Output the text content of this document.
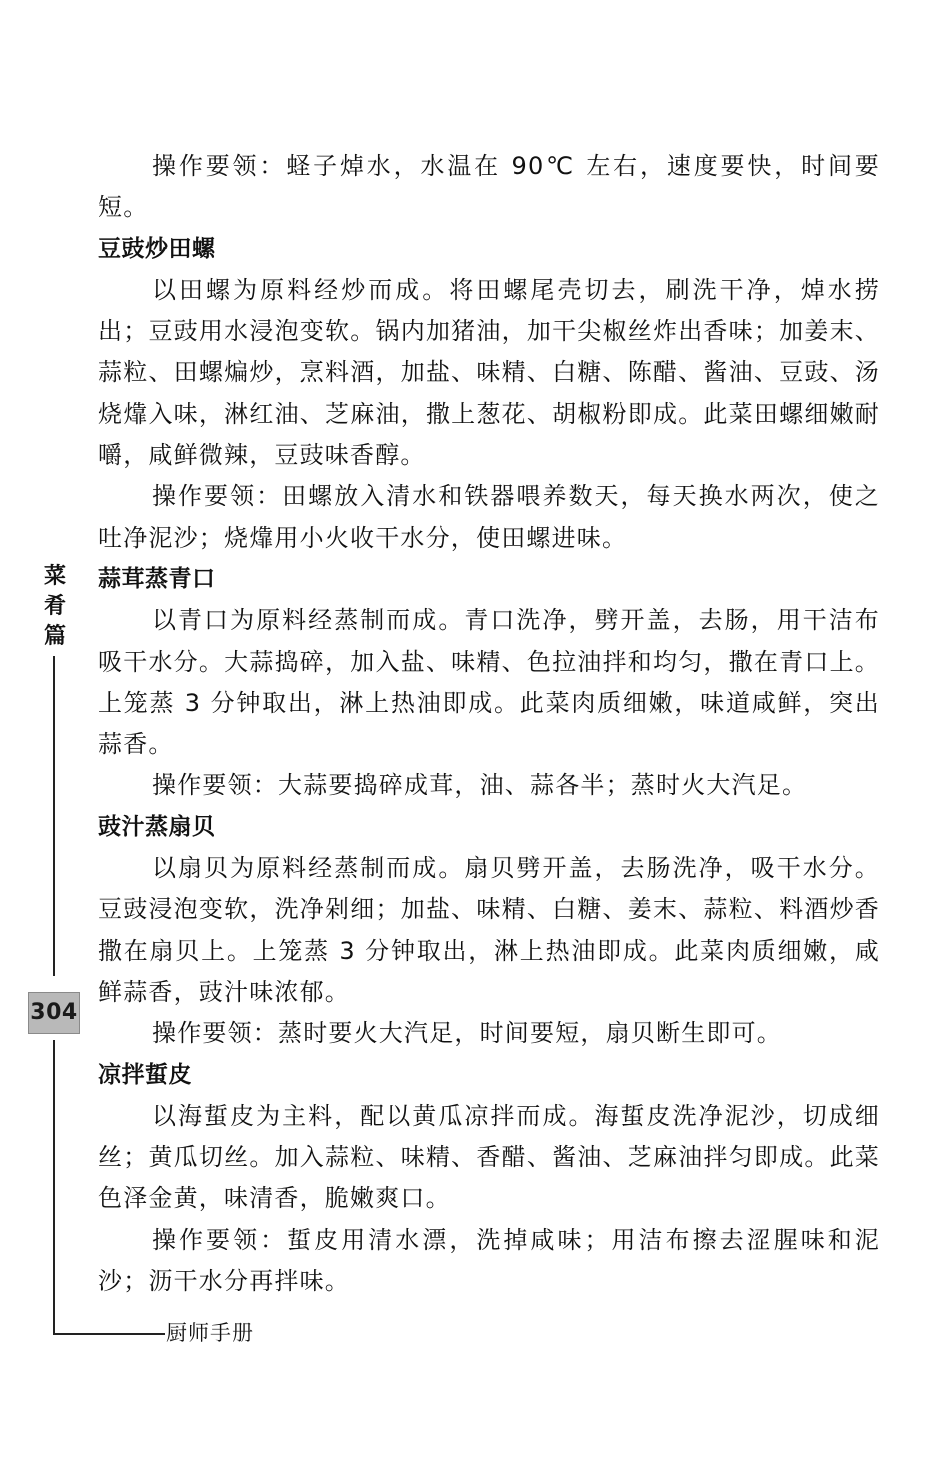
操作要领：蛏子焯水，水温在 90℃ 左右，速度要快，时间要短。

豆豉炒田螺

以田螺为原料经炒而成。将田螺尾壳切去，刷洗干净，焯水捞出；豆豉用水浸泡变软。锅内加猪油，加干尖椒丝炸出香味；加姜末、蒜粒、田螺煸炒，烹料酒，加盐、味精、白糖、陈醋、酱油、豆豉、汤烧㸆入味，淋红油、芝麻油，撒上葱花、胡椒粉即成。此菜田螺细嫩耐嚼，咸鲜微辣，豆豉味香醇。

操作要领：田螺放入清水和铁器喂养数天，每天换水两次，使之吐净泥沙；烧㸆用小火收干水分，使田螺进味。

蒜茸蒸青口

以青口为原料经蒸制而成。青口洗净，劈开盖，去肠，用干洁布吸干水分。大蒜捣碎，加入盐、味精、色拉油拌和均匀，撒在青口上。上笼蒸 3 分钟取出，淋上热油即成。此菜肉质细嫩，味道咸鲜，突出蒜香。

操作要领：大蒜要捣碎成茸，油、蒜各半；蒸时火大汽足。

豉汁蒸扇贝

以扇贝为原料经蒸制而成。扇贝劈开盖，去肠洗净，吸干水分。豆豉浸泡变软，洗净剁细；加盐、味精、白糖、姜末、蒜粒、料酒炒香撒在扇贝上。上笼蒸 3 分钟取出，淋上热油即成。此菜肉质细嫩，咸鲜蒜香，豉汁味浓郁。

操作要领：蒸时要火大汽足，时间要短，扇贝断生即可。

凉拌蜇皮

以海蜇皮为主料，配以黄瓜凉拌而成。海蜇皮洗净泥沙，切成细丝；黄瓜切丝。加入蒜粒、味精、香醋、酱油、芝麻油拌匀即成。此菜色泽金黄，味清香，脆嫩爽口。

操作要领：蜇皮用清水漂，洗掉咸味；用洁布擦去涩腥味和泥沙；沥干水分再拌味。

菜
肴
篇
304
厨师手册
